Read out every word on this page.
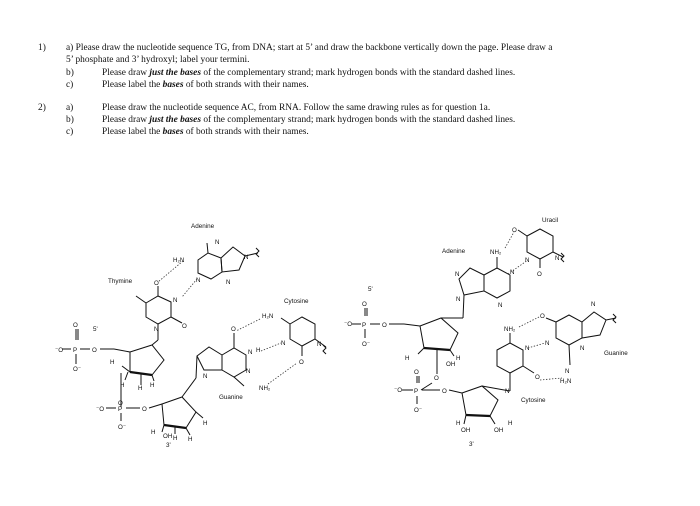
1) a) Please draw the nucleotide sequence TG, from DNA; start at 5’ and draw the backbone vertically down the page. Please draw a
5’ phosphate and 3’ hydroxyl; label your termini.
b)	Please draw just the bases of the complementary strand; mark hydrogen bonds with the standard dashed lines.
c)	Please label the bases of both strands with their names.
2) a)	Please draw the nucleotide sequence AC, from RNA. Follow the same drawing rules as for question 1a.
b)	Please draw just the bases of the complementary strand; mark hydrogen bonds with the standard dashed lines.
c)	Please label the bases of both strands with their names.
Adenine
Thymine
Cytosine
Guanine
5'
3'
OH
H₂N
N
N
N	N
O
N
O
N	O
N H
N
NH₂
N
H₂N
N
O
N
O
P
O
O⁻
⁻O
H	H
H
H
O
P
O⁻
⁻O	O
H
H
H
H
Uracil
Adenine
Guanine
Cytosine
5'
3'
OH
OH	OH
O
N	N
O
NH₂
N
N
N
N
O
N
N
N
N
H₂N
NH₂
N
O
N
⁻O P
O
O⁻
O
H	H
O
⁻O P
O
O⁻
O
H	H
